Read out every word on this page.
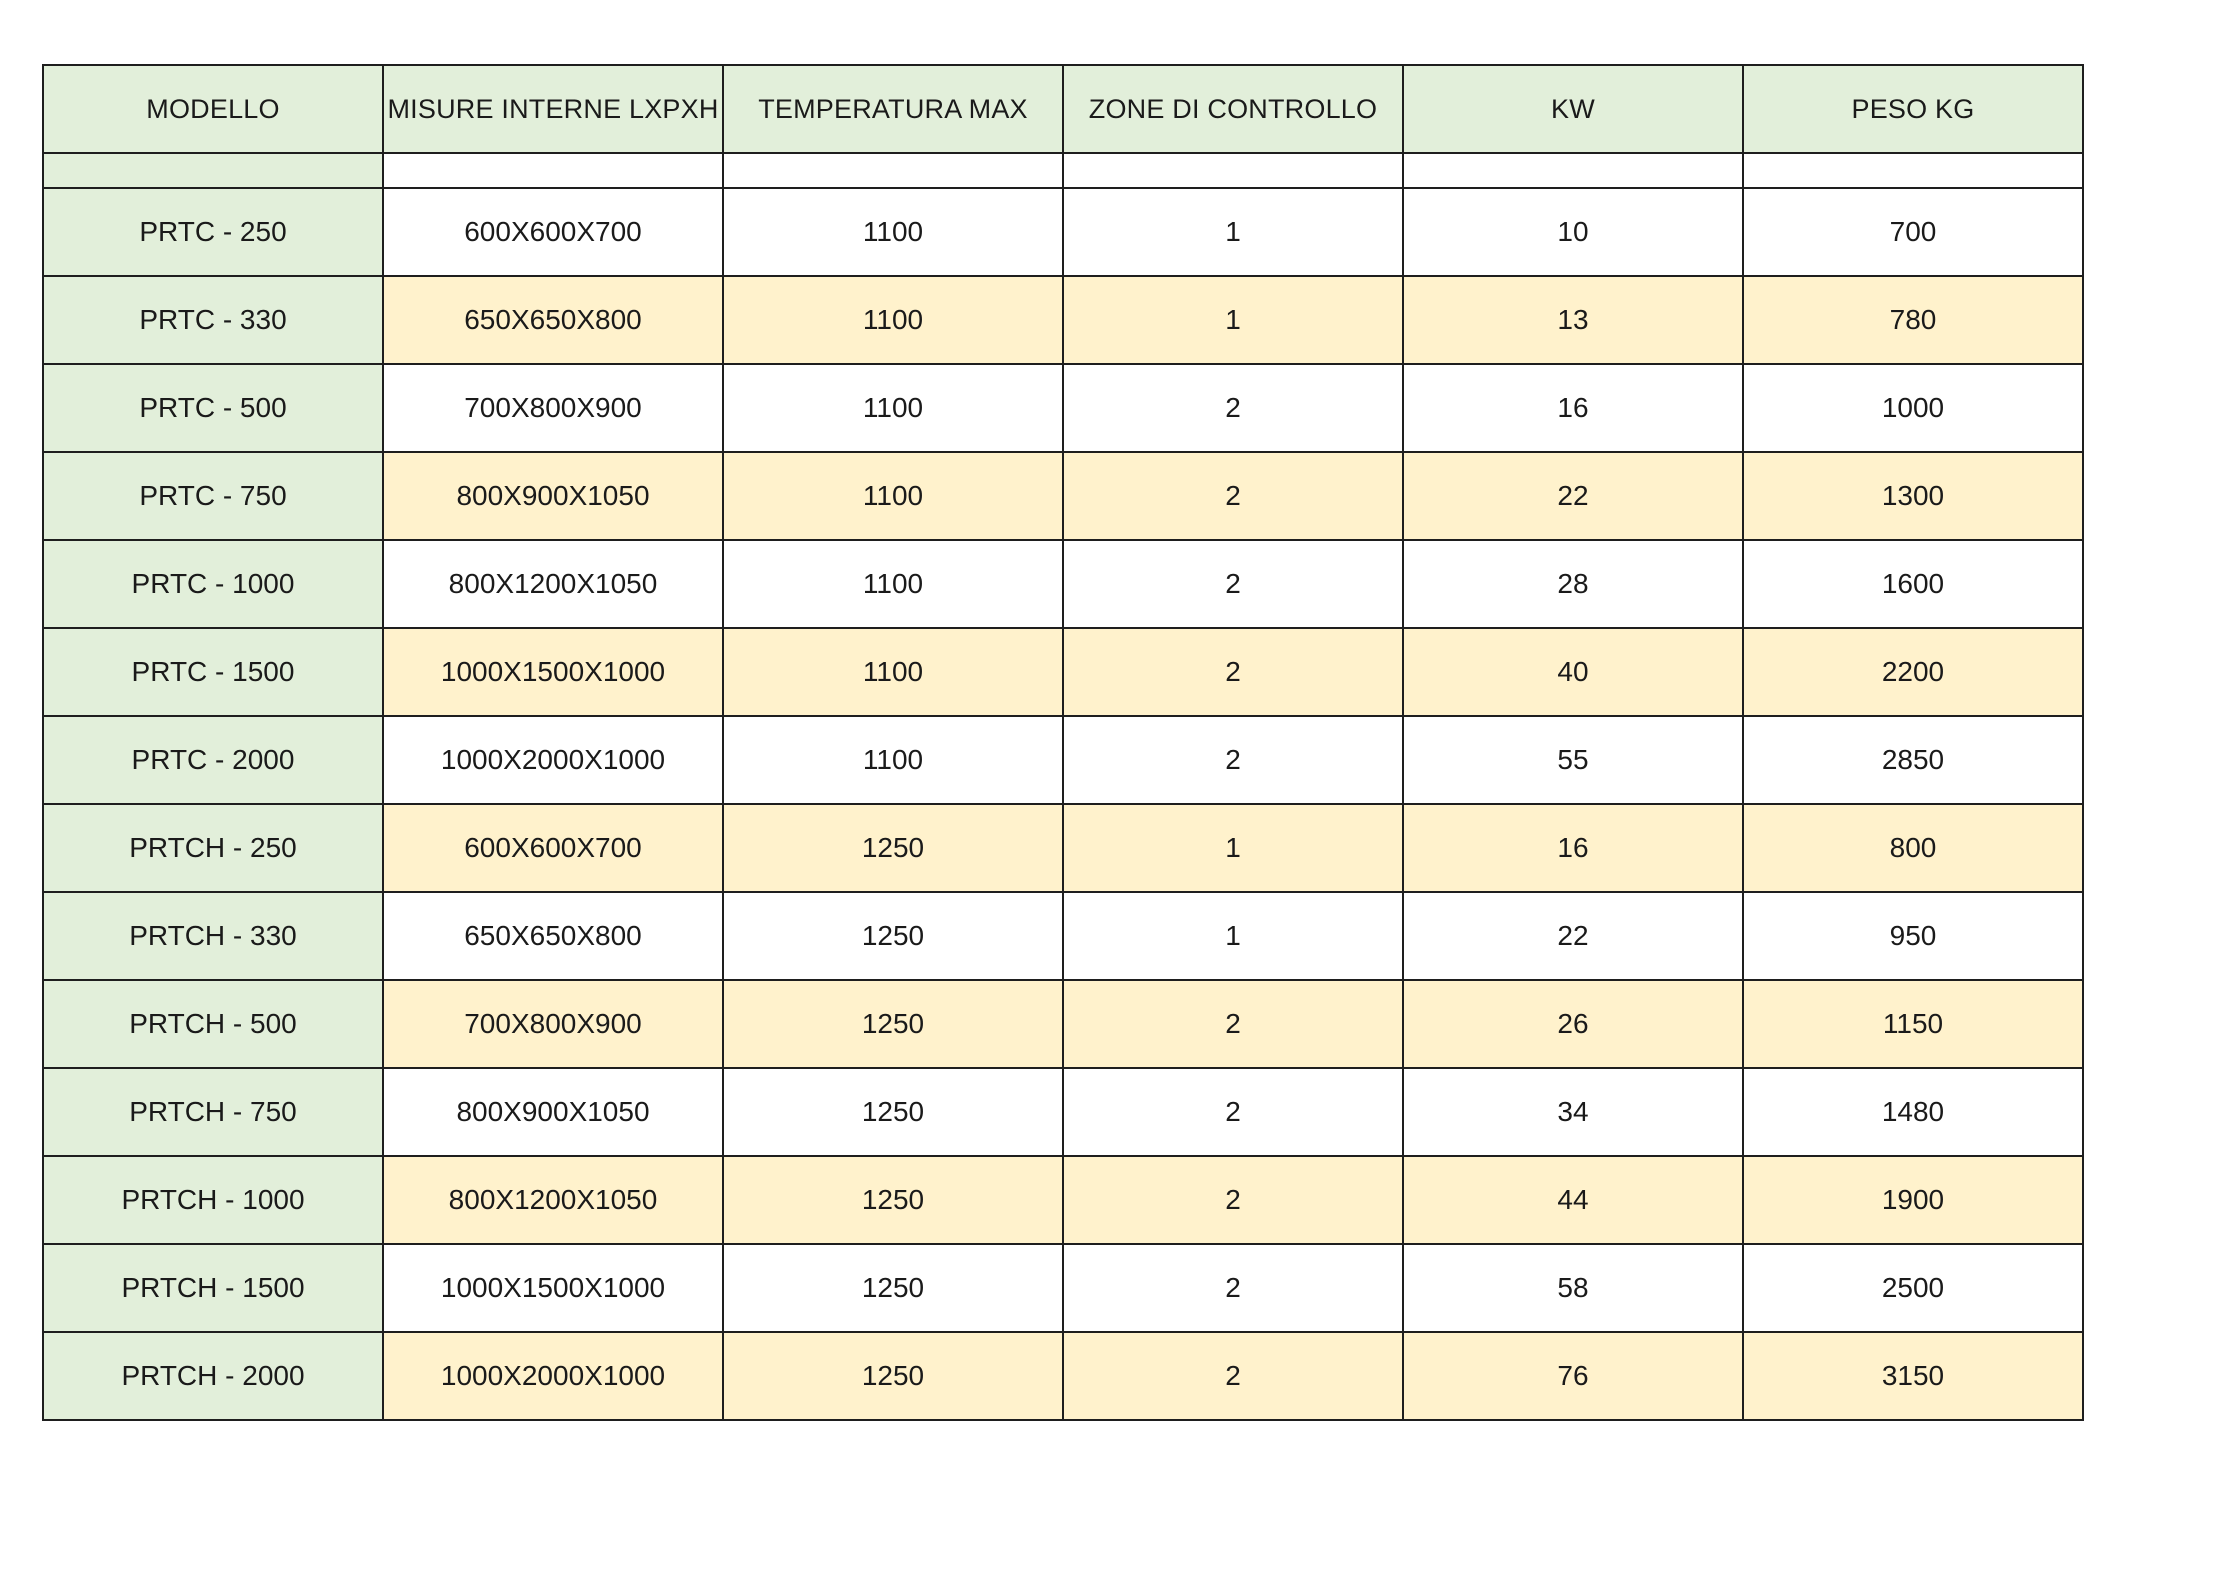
MODELLO	MISURE INTERNE LXPXH	TEMPERATURA MAX	ZONE DI CONTROLLO	KW	PESO KG

PRTC - 250	600X600X700	1100	1	10	700
PRTC - 330	650X650X800	1100	1	13	780
PRTC - 500	700X800X900	1100	2	16	1000
PRTC - 750	800X900X1050	1100	2	22	1300
PRTC - 1000	800X1200X1050	1100	2	28	1600
PRTC - 1500	1000X1500X1000	1100	2	40	2200
PRTC - 2000	1000X2000X1000	1100	2	55	2850
PRTCH - 250	600X600X700	1250	1	16	800
PRTCH - 330	650X650X800	1250	1	22	950
PRTCH - 500	700X800X900	1250	2	26	1150
PRTCH - 750	800X900X1050	1250	2	34	1480
PRTCH - 1000	800X1200X1050	1250	2	44	1900
PRTCH - 1500	1000X1500X1000	1250	2	58	2500
PRTCH - 2000	1000X2000X1000	1250	2	76	3150
